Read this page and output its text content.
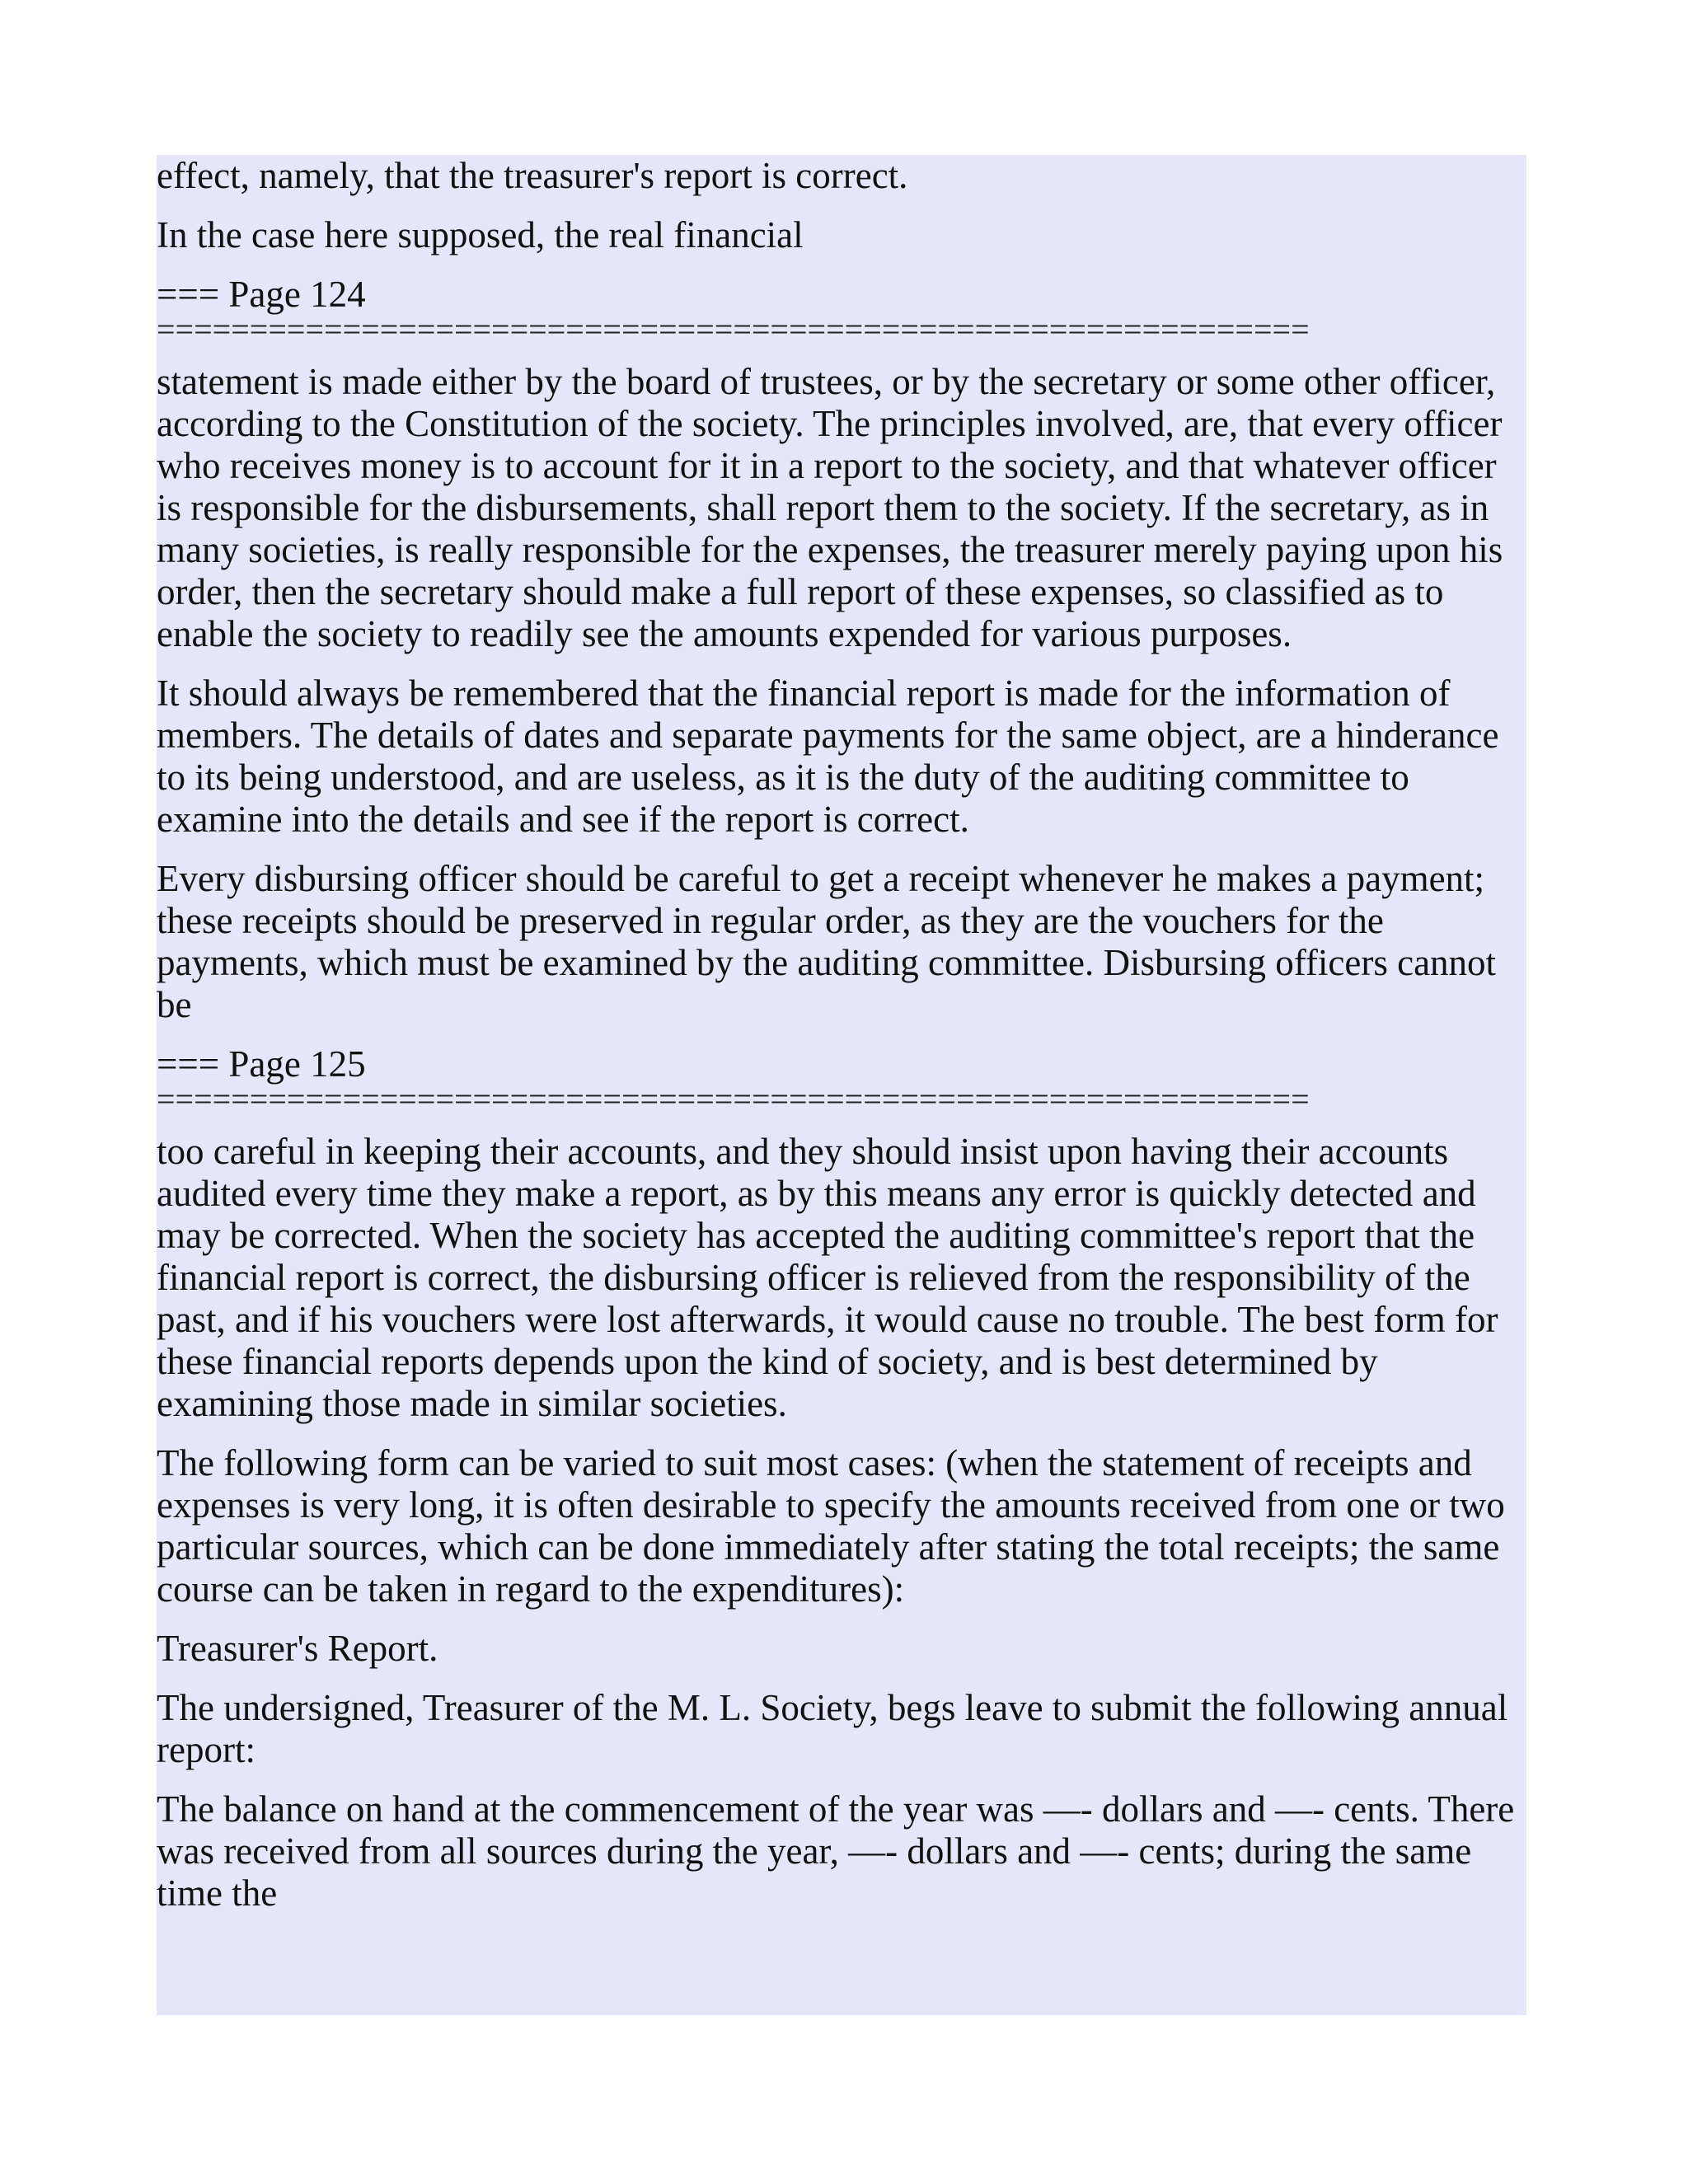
effect, namely, that the treasurer's report is correct.

In the case here supposed, the real financial

=== Page 124
==============================================================

statement is made either by the board of trustees, or by the secretary or some other officer, according to the Constitution of the society. The principles involved, are, that every officer who receives money is to account for it in a report to the society, and that whatever officer is responsible for the disbursements, shall report them to the society. If the secretary, as in many societies, is really responsible for the expenses, the treasurer merely paying upon his order, then the secretary should make a full report of these expenses, so classified as to enable the society to readily see the amounts expended for various purposes.

It should always be remembered that the financial report is made for the information of members. The details of dates and separate payments for the same object, are a hinderance to its being understood, and are useless, as it is the duty of the auditing committee to examine into the details and see if the report is correct.

Every disbursing officer should be careful to get a receipt whenever he makes a payment; these receipts should be preserved in regular order, as they are the vouchers for the payments, which must be examined by the auditing committee. Disbursing officers cannot be

=== Page 125
==============================================================

too careful in keeping their accounts, and they should insist upon having their accounts audited every time they make a report, as by this means any error is quickly detected and may be corrected. When the society has accepted the auditing committee's report that the financial report is correct, the disbursing officer is relieved from the responsibility of the past, and if his vouchers were lost afterwards, it would cause no trouble. The best form for these financial reports depends upon the kind of society, and is best determined by examining those made in similar societies.

The following form can be varied to suit most cases: (when the statement of receipts and expenses is very long, it is often desirable to specify the amounts received from one or two particular sources, which can be done immediately after stating the total receipts; the same course can be taken in regard to the expenditures):

Treasurer's Report.

The undersigned, Treasurer of the M. L. Society, begs leave to submit the following annual report:

The balance on hand at the commencement of the year was —- dollars and —- cents. There was received from all sources during the year, —- dollars and —- cents; during the same time the
